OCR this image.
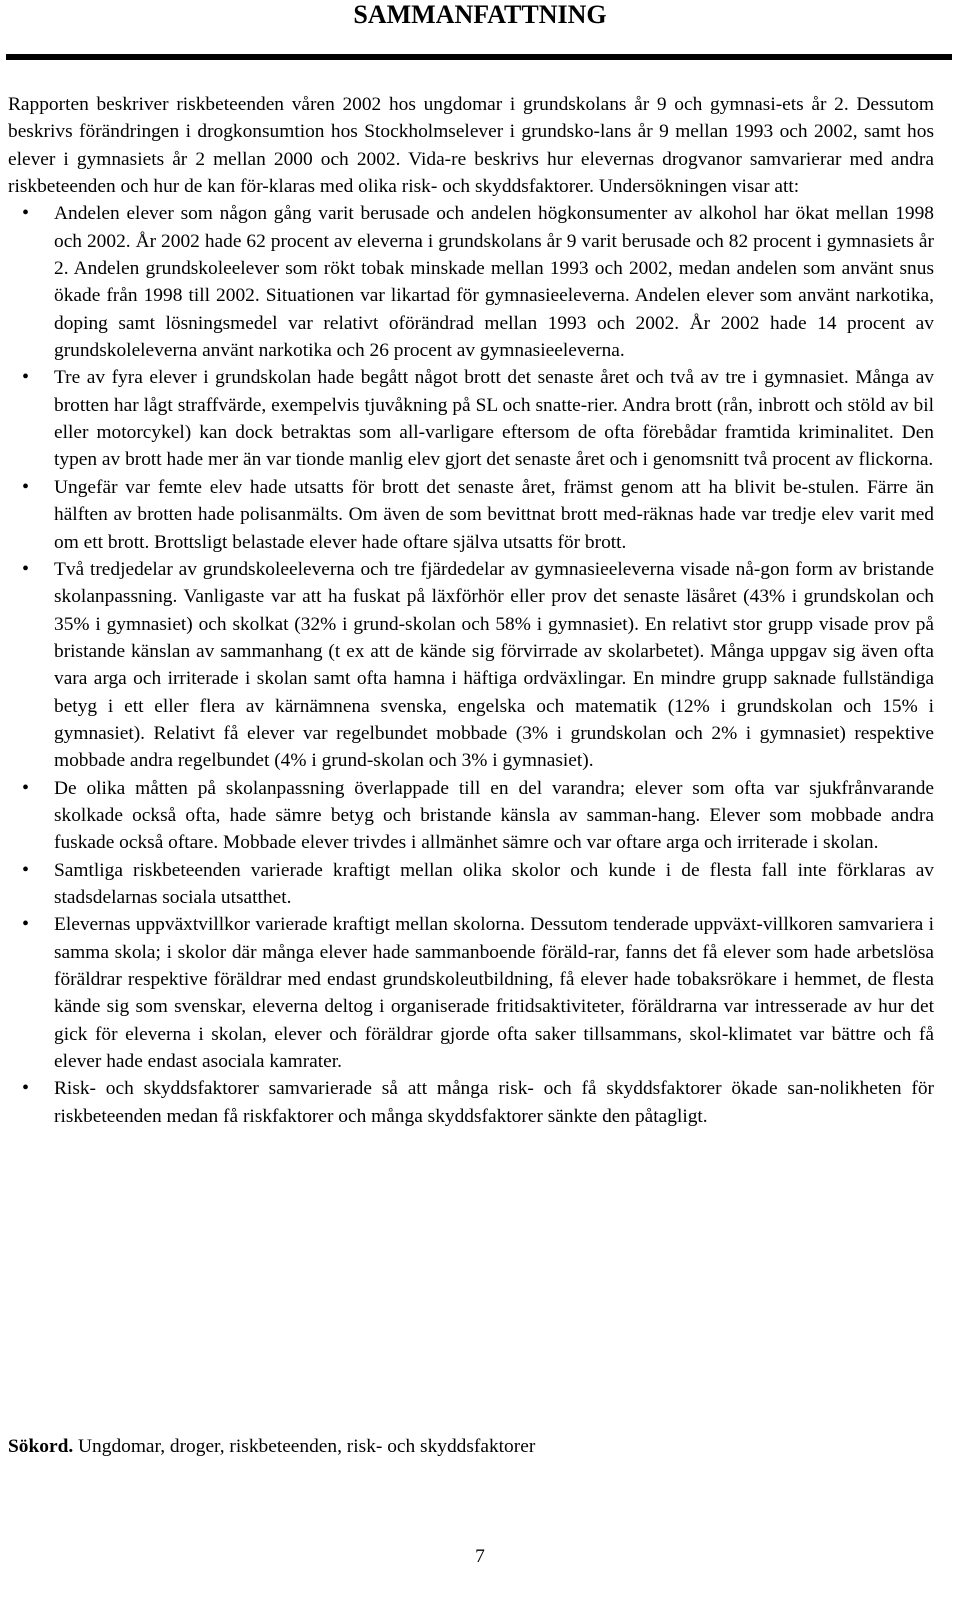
SAMMANFATTNING

Rapporten beskriver riskbeteenden våren 2002 hos ungdomar i grundskolans år 9 och gymnasi-ets år 2. Dessutom beskrivs förändringen i drogkonsumtion hos Stockholmselever i grundsko-lans år 9 mellan 1993 och 2002, samt hos elever i gymnasiets år 2 mellan 2000 och 2002. Vida-re beskrivs hur elevernas drogvanor samvarierar med andra riskbeteenden och hur de kan för-klaras med olika risk- och skyddsfaktorer. Undersökningen visar att:

• Andelen elever som någon gång varit berusade och andelen högkonsumenter av alkohol har ökat mellan 1998 och 2002. År 2002 hade 62 procent av eleverna i grundskolans år 9 varit berusade och 82 procent i gymnasiets år 2. Andelen grundskoleelever som rökt tobak minskade mellan 1993 och 2002, medan andelen som använt snus ökade från 1998 till 2002. Situationen var likartad för gymnasieeleverna. Andelen elever som använt narkotika, doping samt lösningsmedel var relativt oförändrad mellan 1993 och 2002. År 2002 hade 14 procent av grundskoleleverna använt narkotika och 26 procent av gymnasieeleverna.
• Tre av fyra elever i grundskolan hade begått något brott det senaste året och två av tre i gymnasiet. Många av brotten har lågt straffvärde, exempelvis tjuvåkning på SL och snatte-rier. Andra brott (rån, inbrott och stöld av bil eller motorcykel) kan dock betraktas som all-varligare eftersom de ofta förebådar framtida kriminalitet. Den typen av brott hade mer än var tionde manlig elev gjort det senaste året och i genomsnitt två procent av flickorna.
• Ungefär var femte elev hade utsatts för brott det senaste året, främst genom att ha blivit be-stulen. Färre än hälften av brotten hade polisanmälts. Om även de som bevittnat brott med-räknas hade var tredje elev varit med om ett brott. Brottsligt belastade elever hade oftare själva utsatts för brott.
• Två tredjedelar av grundskoleeleverna och tre fjärdedelar av gymnasieeleverna visade nå-gon form av bristande skolanpassning. Vanligaste var att ha fuskat på läxförhör eller prov det senaste läsåret (43% i grundskolan och 35% i gymnasiet) och skolkat (32% i grund-skolan och 58% i gymnasiet). En relativt stor grupp visade prov på bristande känslan av sammanhang (t ex att de kände sig förvirrade av skolarbetet). Många uppgav sig även ofta vara arga och irriterade i skolan samt ofta hamna i häftiga ordväxlingar. En mindre grupp saknade fullständiga betyg i ett eller flera av kärnämnena svenska, engelska och matematik (12% i grundskolan och 15% i gymnasiet). Relativt få elever var regelbundet mobbade (3% i grundskolan och 2% i gymnasiet) respektive mobbade andra regelbundet (4% i grund-skolan och 3% i gymnasiet).
• De olika måtten på skolanpassning överlappade till en del varandra; elever som ofta var sjukfrånvarande skolkade också ofta, hade sämre betyg och bristande känsla av samman-hang. Elever som mobbade andra fuskade också oftare. Mobbade elever trivdes i allmänhet sämre och var oftare arga och irriterade i skolan.
• Samtliga riskbeteenden varierade kraftigt mellan olika skolor och kunde i de flesta fall inte förklaras av stadsdelarnas sociala utsatthet.
• Elevernas uppväxtvillkor varierade kraftigt mellan skolorna. Dessutom tenderade uppväxt-villkoren samvariera i samma skola; i skolor där många elever hade sammanboende föräld-rar, fanns det få elever som hade arbetslösa föräldrar respektive föräldrar med endast grundskoleutbildning, få elever hade tobaksrökare i hemmet, de flesta kände sig som svenskar, eleverna deltog i organiserade fritidsaktiviteter, föräldrarna var intresserade av hur det gick för eleverna i skolan, elever och föräldrar gjorde ofta saker tillsammans, skol-klimatet var bättre och få elever hade endast asociala kamrater.
• Risk- och skyddsfaktorer samvarierade så att många risk- och få skyddsfaktorer ökade san-nolikheten för riskbeteenden medan få riskfaktorer och många skyddsfaktorer sänkte den påtagligt.
Sökord. Ungdomar, droger, riskbeteenden, risk- och skyddsfaktorer
7
